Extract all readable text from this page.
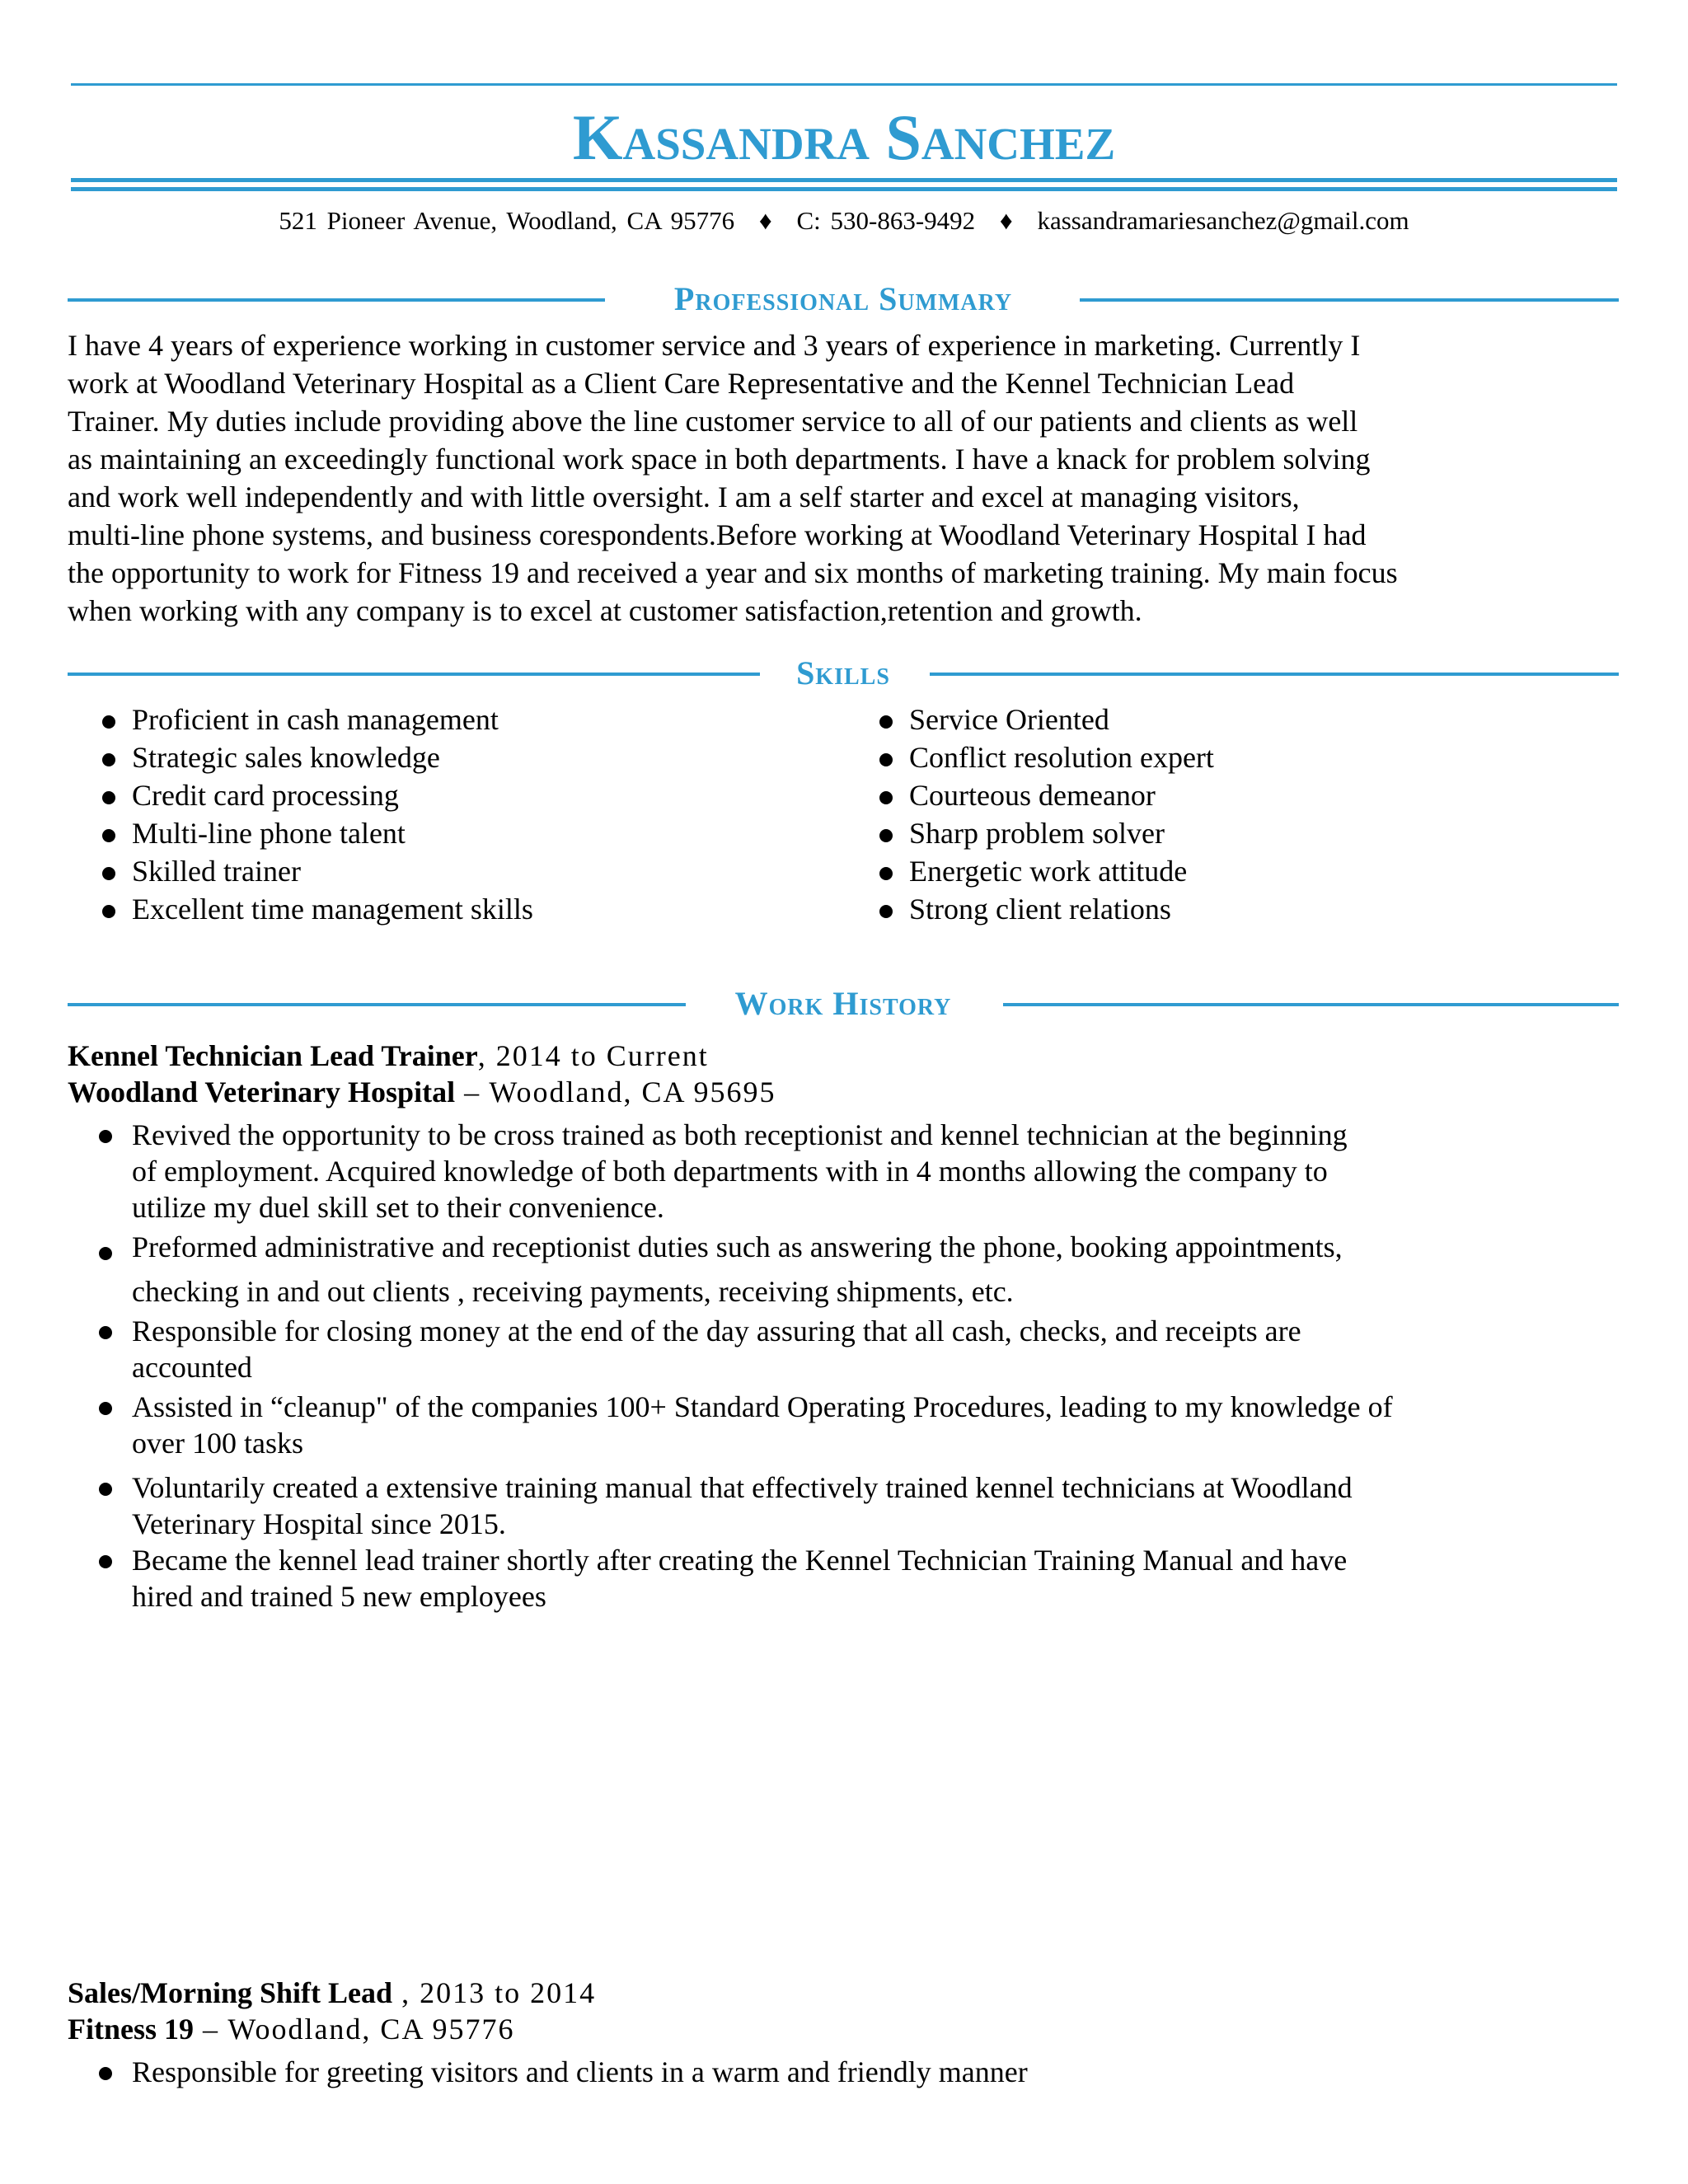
Kassandra Sanchez
521 Pioneer Avenue, Woodland, CA 95776 ♦ C: 530-863-9492 ♦ kassandramariesanchez@gmail.com
Professional Summary
I have 4 years of experience working in customer service and 3 years of experience in marketing. Currently I
work at Woodland Veterinary Hospital as a Client Care Representative and the Kennel Technician Lead
Trainer. My duties include providing above the line customer service to all of our patients and clients as well
as maintaining an exceedingly functional work space in both departments. I have a knack for problem solving
and work well independently and with little oversight. I am a self starter and excel at managing visitors,
multi-line phone systems, and business corespondents.Before working at Woodland Veterinary Hospital I had
the opportunity to work for Fitness 19 and received a year and six months of marketing training. My main focus
when working with any company is to excel at customer satisfaction,retention and growth.
Skills
Proficient in cash management
Strategic sales knowledge
Credit card processing
Multi-line phone talent
Skilled trainer
Excellent time management skills
Service Oriented
Conflict resolution expert
Courteous demeanor
Sharp problem solver
Energetic work attitude
Strong client relations
Work History
Kennel Technician Lead Trainer, 2014 to Current
Woodland Veterinary Hospital – Woodland, CA 95695
Revived the opportunity to be cross trained as both receptionist and kennel technician at the beginning
of employment. Acquired knowledge of both departments with in 4 months allowing the company to
utilize my duel skill set to their convenience.
Preformed administrative and receptionist duties such as answering the phone, booking appointments,
checking in and out clients , receiving payments, receiving shipments, etc.
Responsible for closing money at the end of the day assuring that all cash, checks, and receipts are
accounted
Assisted in “cleanup" of the companies 100+ Standard Operating Procedures, leading to my knowledge of
over 100 tasks
Voluntarily created a extensive training manual that effectively trained kennel technicians at Woodland
Veterinary Hospital since 2015.
Became the kennel lead trainer shortly after creating the Kennel Technician Training Manual and have
hired and trained 5 new employees
Sales/Morning Shift Lead , 2013 to 2014
Fitness 19 – Woodland, CA 95776
Responsible for greeting visitors and clients in a warm and friendly manner
